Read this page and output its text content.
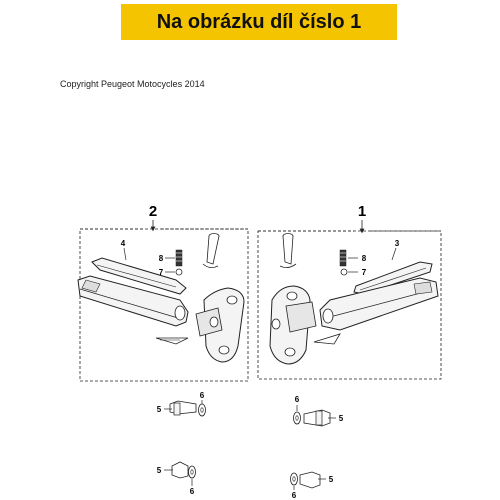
Na obrázku díl číslo 1
Copyright Peugeot Motocycles 2014
2
4
8
7
5
6
5
6
1
3
8
7
5
6
5
6
